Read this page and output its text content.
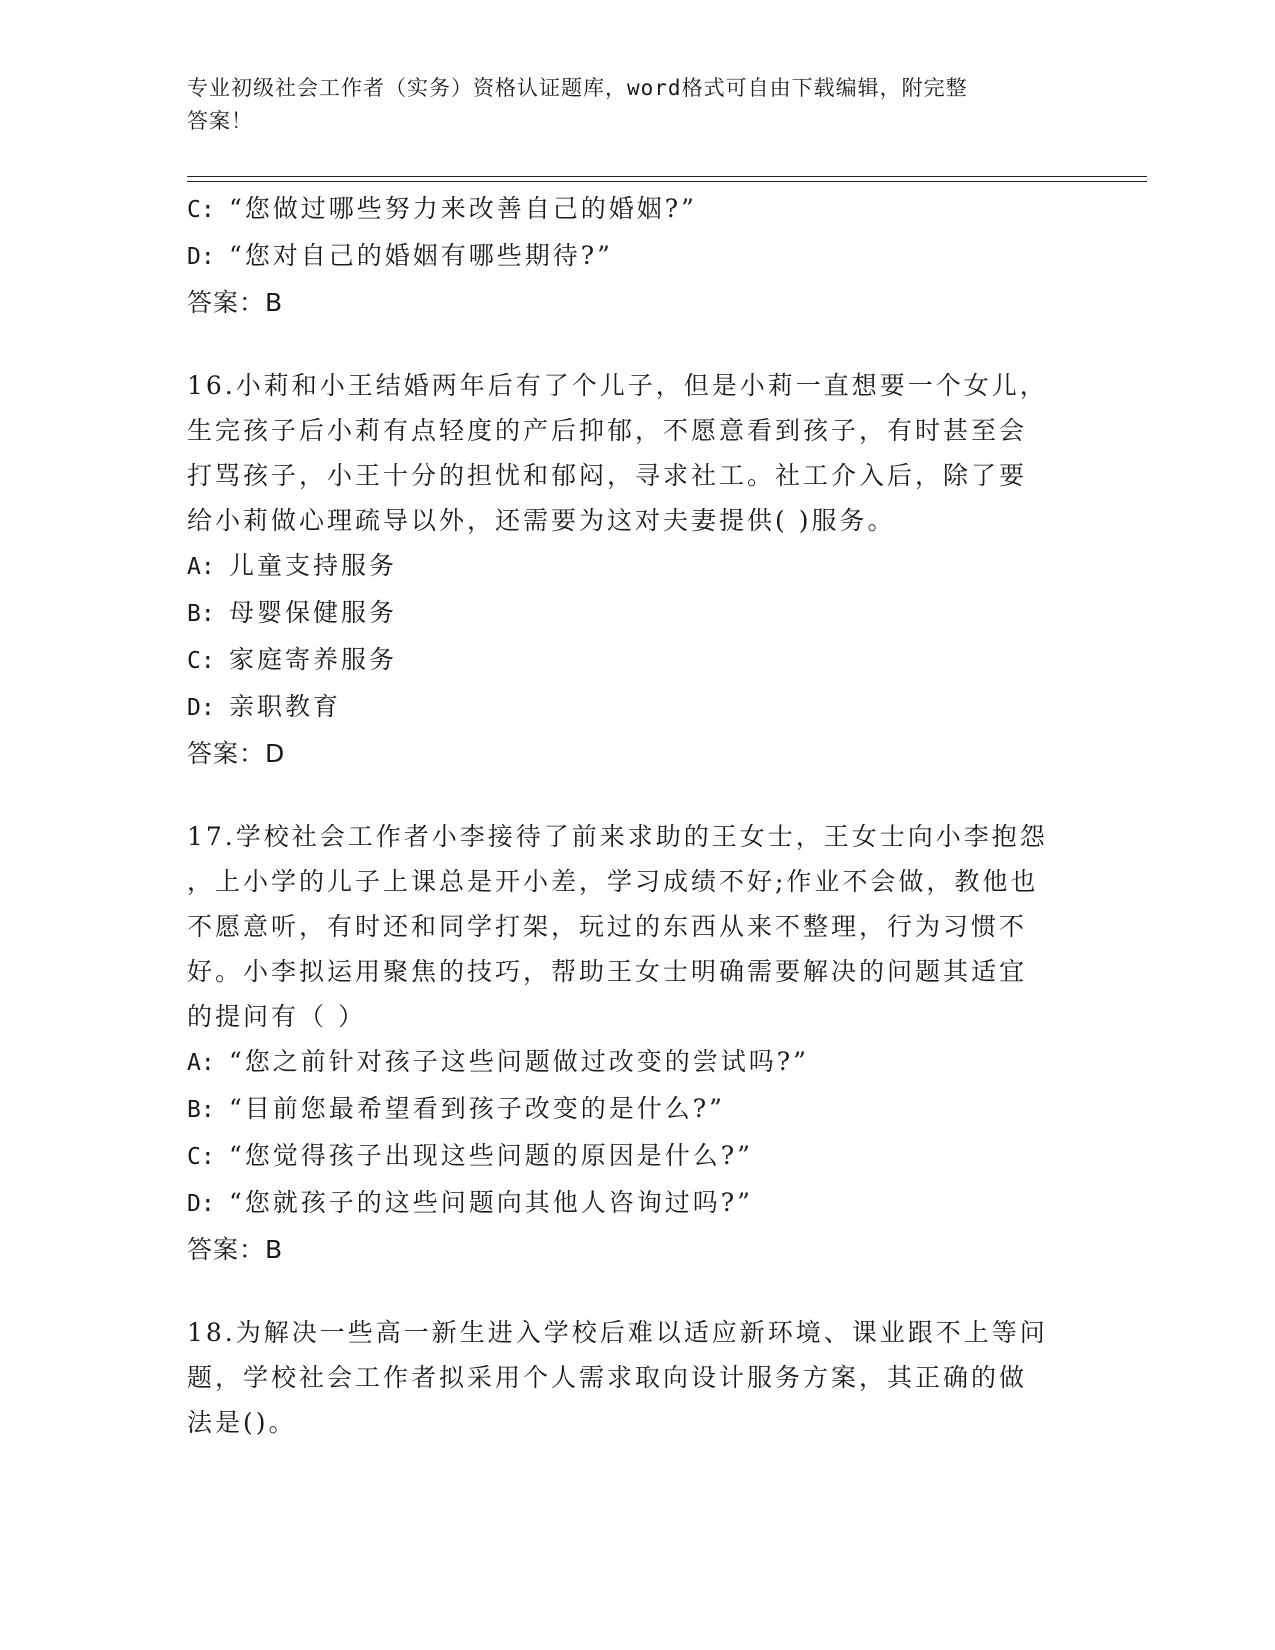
专业初级社会工作者（实务）资格认证题库，word格式可自由下载编辑，附完整
答案！
C: “您做过哪些努力来改善自己的婚姻?”
D: “您对自己的婚姻有哪些期待?”
答案：B
16.小莉和小王结婚两年后有了个儿子，但是小莉一直想要一个女儿，
生完孩子后小莉有点轻度的产后抑郁，不愿意看到孩子，有时甚至会
打骂孩子，小王十分的担忧和郁闷，寻求社工。社工介入后，除了要
给小莉做心理疏导以外，还需要为这对夫妻提供( )服务。
A: 儿童支持服务
B: 母婴保健服务
C: 家庭寄养服务
D: 亲职教育
答案：D
17.学校社会工作者小李接待了前来求助的王女士，王女士向小李抱怨
，上小学的儿子上课总是开小差，学习成绩不好;作业不会做，教他也
不愿意听，有时还和同学打架，玩过的东西从来不整理，行为习惯不
好。小李拟运用聚焦的技巧，帮助王女士明确需要解决的问题其适宜
的提问有（ ）
A: “您之前针对孩子这些问题做过改变的尝试吗?”
B: “目前您最希望看到孩子改变的是什么?”
C: “您觉得孩子出现这些问题的原因是什么?”
D: “您就孩子的这些问题向其他人咨询过吗?”
答案：B
18.为解决一些高一新生进入学校后难以适应新环境、课业跟不上等问
题，学校社会工作者拟采用个人需求取向设计服务方案，其正确的做
法是()。
